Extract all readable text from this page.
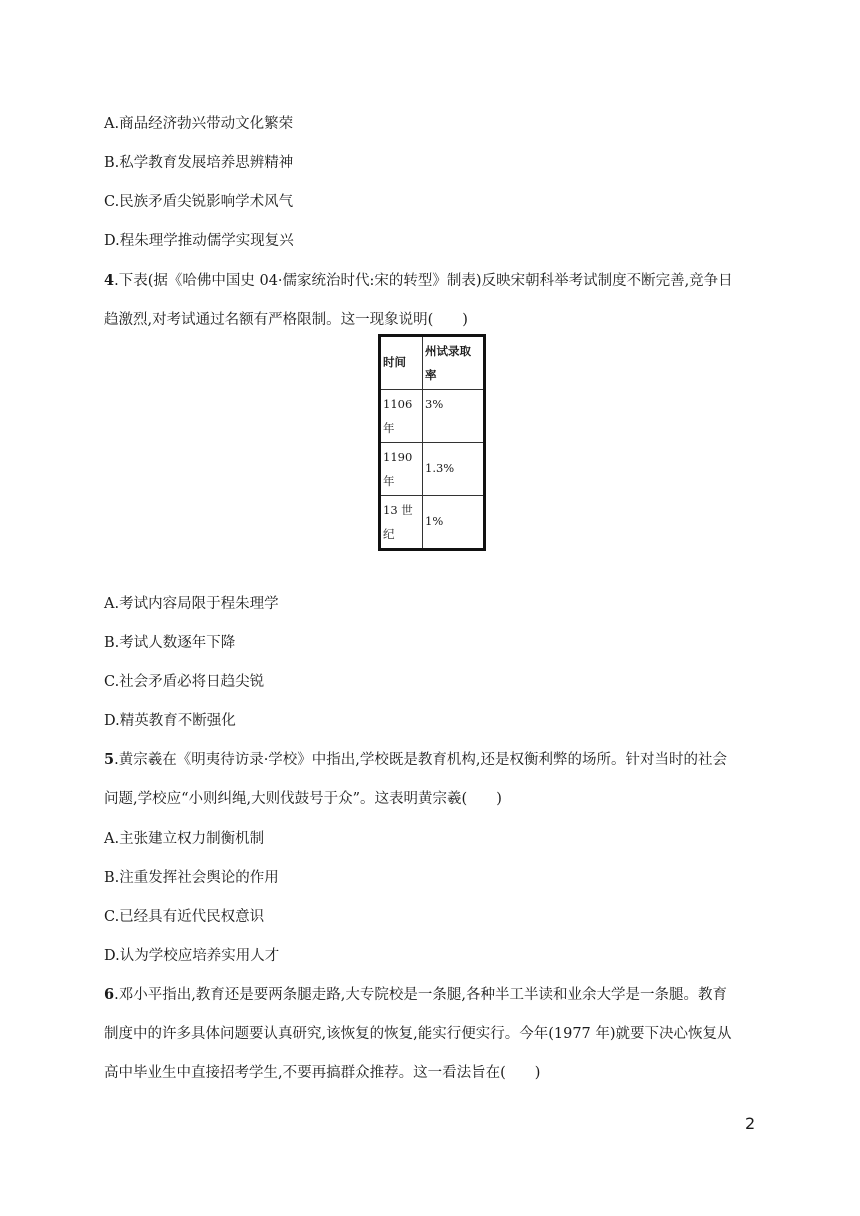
A.商品经济勃兴带动文化繁荣
B.私学教育发展培养思辨精神
C.民族矛盾尖锐影响学术风气
D.程朱理学推动儒学实现复兴
4.下表(据《哈佛中国史 04·儒家统治时代:宋的转型》制表)反映宋朝科举考试制度不断完善,竞争日
趋激烈,对考试通过名额有严格限制。这一现象说明(　　)
时间	州试录取
率

1106
年	3%

1190
年	1.3%

13 世
纪	1%
A.考试内容局限于程朱理学
B.考试人数逐年下降
C.社会矛盾必将日趋尖锐
D.精英教育不断强化
5.黄宗羲在《明夷待访录·学校》中指出,学校既是教育机构,还是权衡利弊的场所。针对当时的社会
问题,学校应“小则纠绳,大则伐鼓号于众”。这表明黄宗羲(　　)
A.主张建立权力制衡机制
B.注重发挥社会舆论的作用
C.已经具有近代民权意识
D.认为学校应培养实用人才
6.邓小平指出,教育还是要两条腿走路,大专院校是一条腿,各种半工半读和业余大学是一条腿。教育
制度中的许多具体问题要认真研究,该恢复的恢复,能实行便实行。今年(1977 年)就要下决心恢复从
高中毕业生中直接招考学生,不要再搞群众推荐。这一看法旨在(　　)
2
